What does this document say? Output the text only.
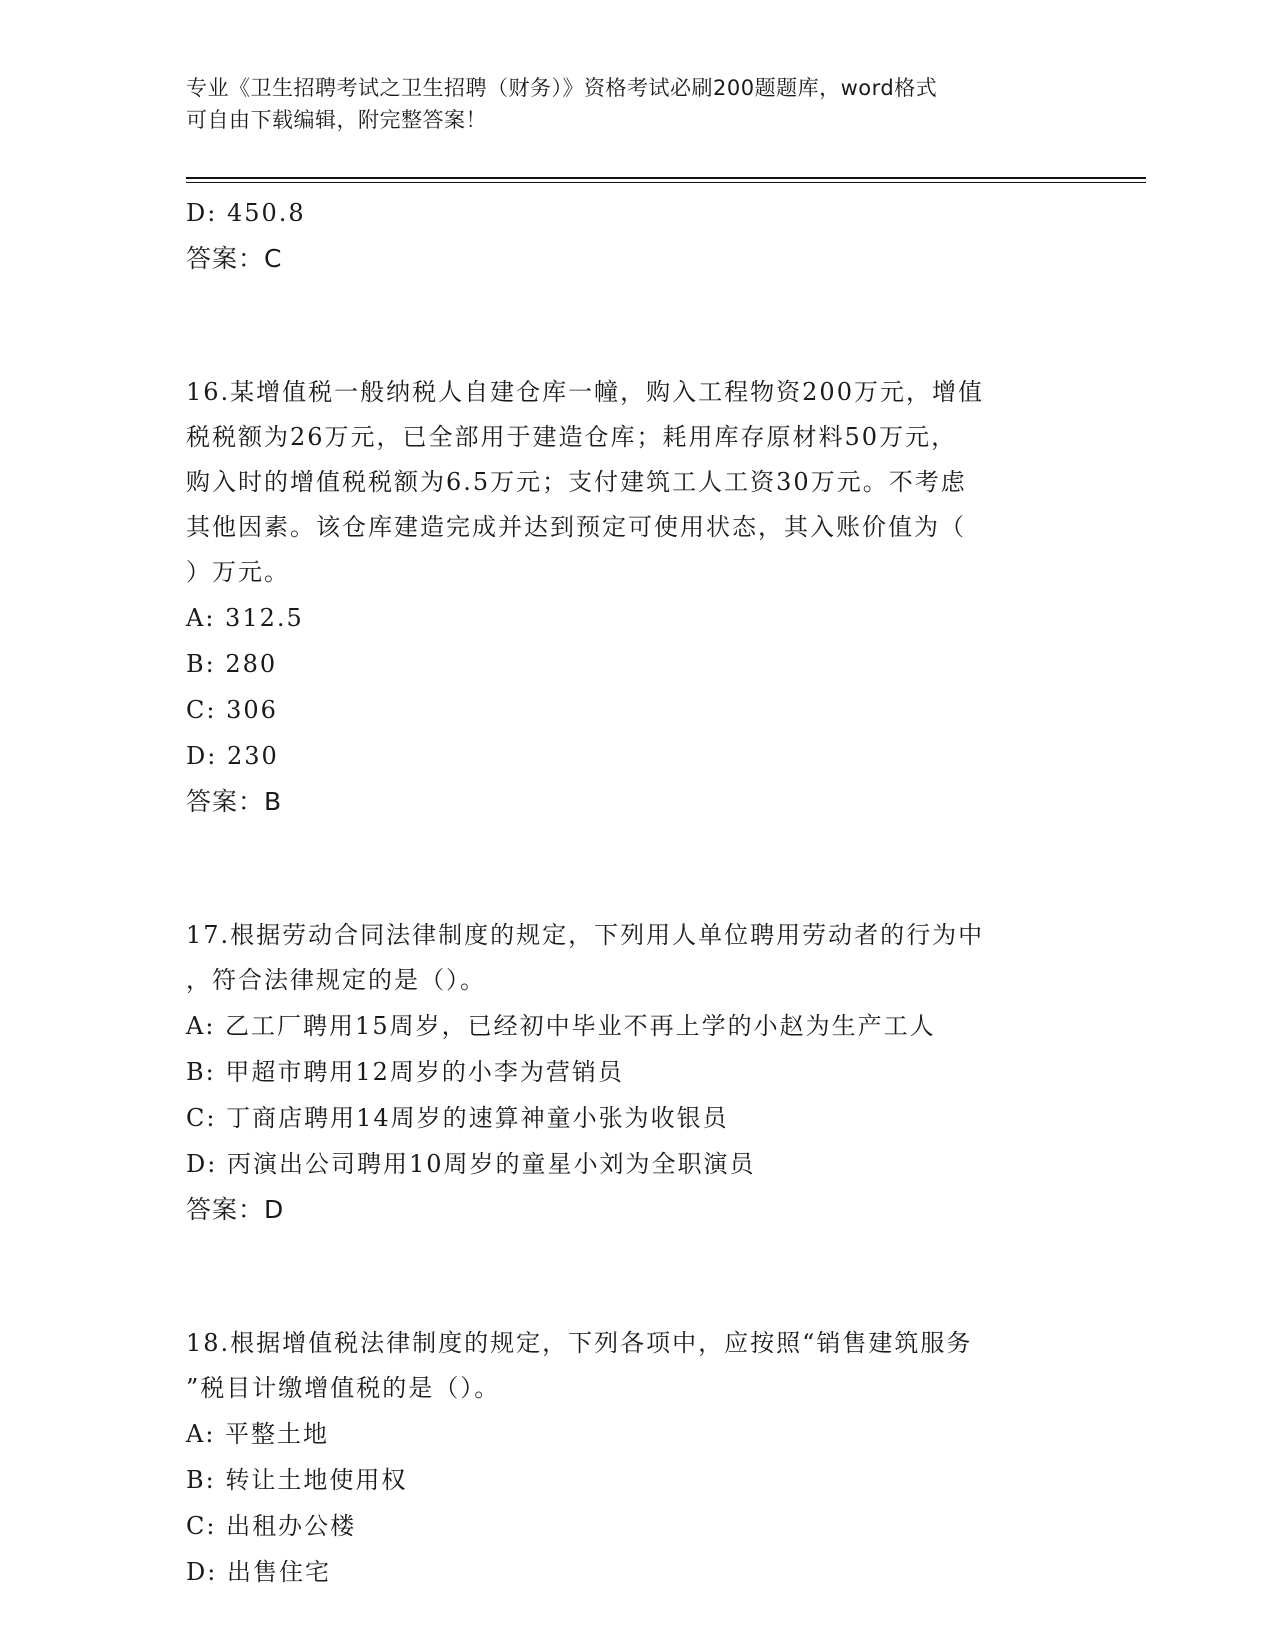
专业《卫生招聘考试之卫生招聘（财务）》资格考试必刷200题题库，word格式
可自由下载编辑，附完整答案！
D: 450.8
答案：C
16.某增值税一般纳税人自建仓库一幢，购入工程物资200万元，增值
税税额为26万元，已全部用于建造仓库；耗用库存原材料50万元，
购入时的增值税税额为6.5万元；支付建筑工人工资30万元。不考虑
其他因素。该仓库建造完成并达到预定可使用状态，其入账价值为（
）万元。
A: 312.5
B: 280
C: 306
D: 230
答案：B
17.根据劳动合同法律制度的规定，下列用人单位聘用劳动者的行为中
，符合法律规定的是（）。
A: 乙工厂聘用15周岁，已经初中毕业不再上学的小赵为生产工人
B: 甲超市聘用12周岁的小李为营销员
C: 丁商店聘用14周岁的速算神童小张为收银员
D: 丙演出公司聘用10周岁的童星小刘为全职演员
答案：D
18.根据增值税法律制度的规定，下列各项中，应按照“销售建筑服务
”税目计缴增值税的是（）。
A: 平整土地
B: 转让土地使用权
C: 出租办公楼
D: 出售住宅
